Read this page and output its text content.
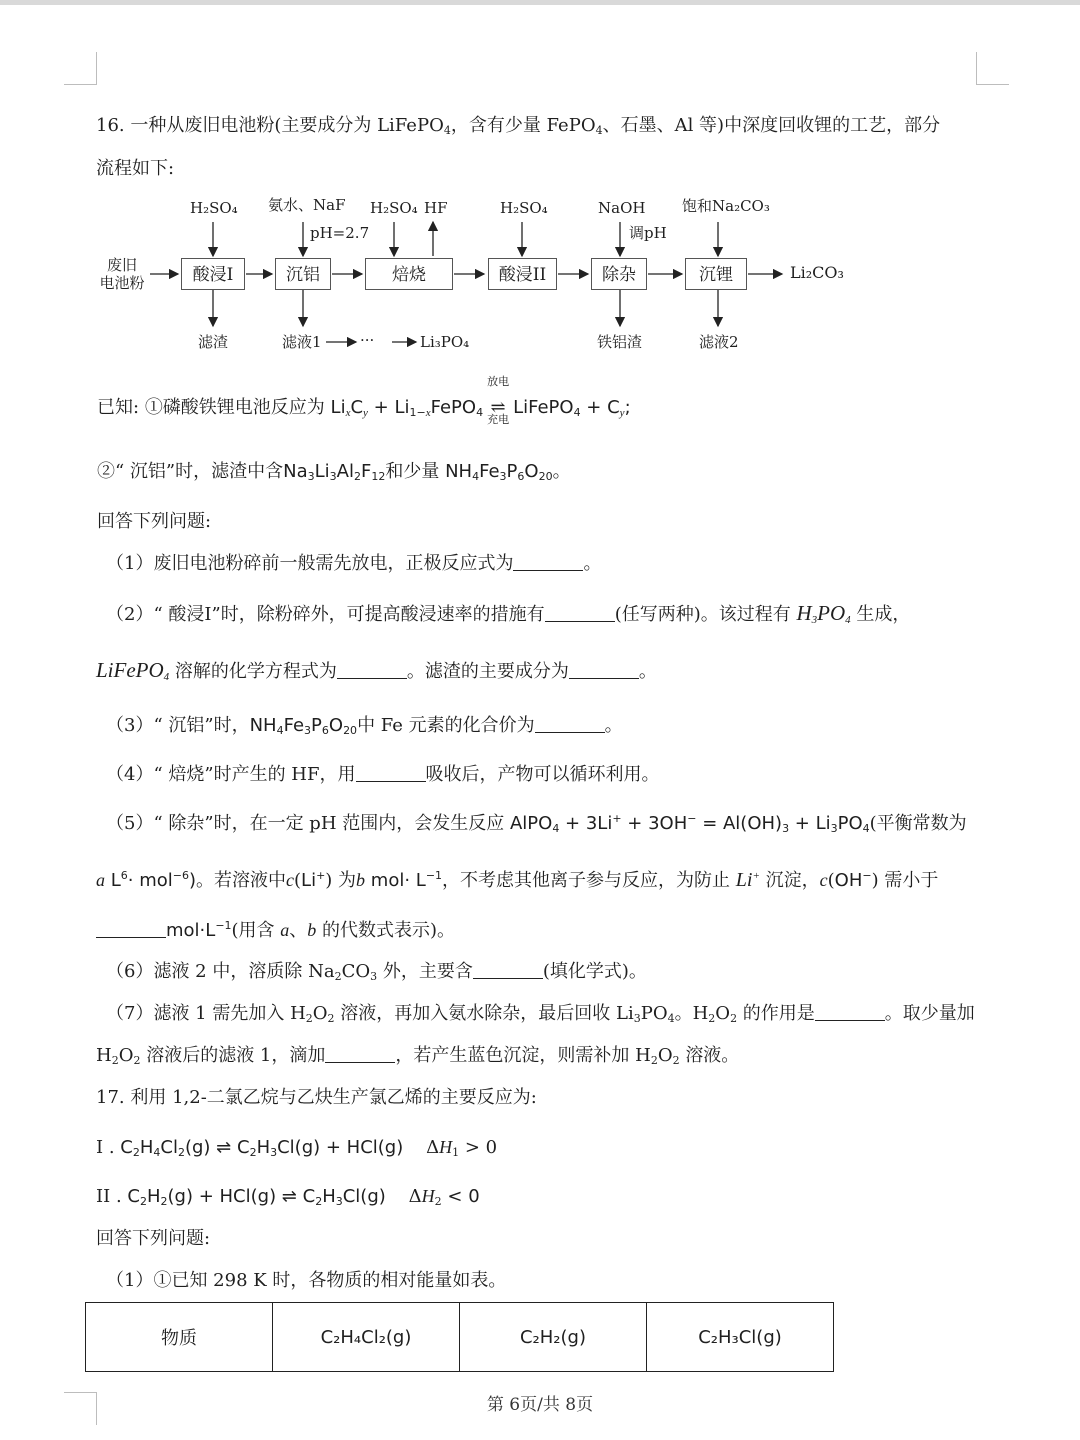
16. 一种从废旧电池粉(主要成分为 LiFePO$_4$，含有少量 FePO$_4$、石墨、Al 等)中深度回收锂的工艺，部分
流程如下:
废旧
电池粉	酸浸I	沉铝	焙烧	酸浸II	除杂	沉锂	Li₂CO₃
H₂SO₄ 氨水、NaF
pH=2.7
H₂SO₄ HF	H₂SO₄	NaOH
调pH
饱和Na₂CO₃
滤渣	滤液1	···	Li₃PO₄	铁铝渣	滤液2
已知: ①磷酸铁锂电池反应为 $Li_xC_y$ + $Li_{1-x}FePO_4$
放电
⇌
充电
LiFePO$_4$ + $C_y$;
②“ 沉铝”时，滤渣中含$Na_3Li_3Al_2F_{12}$和少量 $NH_4Fe_3P_6O_{20}$。
回答下列问题:
（1）废旧电池粉碎前一般需先放电，正极反应式为	。
（2）“ 酸浸I”时，除粉碎外，可提高酸浸速率的措施有	(任写两种)。该过程有 $H_3PO_4$ 生成，
LiFePO$_4$ 溶解的化学方程式为	。滤渣的主要成分为	。
（3）“ 沉铝”时，$NH_4Fe_3P_6O_{20}$中 Fe 元素的化合价为	。
（4）“ 焙烧”时产生的 HF，用	吸收后，产物可以循环利用。
（5）“ 除杂”时，在一定 pH 范围内，会发生反应 AlPO$_4$ + $3Li^+ + 3OH^- = Al(OH)_3 + Li_3PO_4$(平衡常数为
a $L^6\cdot mol^{-6}$)。若溶液中c(Li+) 为b $mol\cdot L^{-1}$，不考虑其他离子参与反应，为防止 Li+ 沉淀，c(OH−) 需小于
$mol\cdot L^{-1}$(用含 a、b 的代数式表示)。
（6）滤液 2 中，溶质除 $Na_2CO_3$ 外，主要含	(填化学式)。
（7）滤液 1 需先加入 $H_2O_2$ 溶液，再加入氨水除杂，最后回收 $Li_3PO_4$。$H_2O_2$ 的作用是	。取少量加
$H_2O_2$ 溶液后的滤液 1，滴加	，若产生蓝色沉淀，则需补加 $H_2O_2$ 溶液。
17. 利用 1,2-二氯乙烷与乙炔生产氯乙烯的主要反应为:
I . $C_2H_4Cl_2(g)$ ⇌ $C_2H_3Cl(g) + HCl(g)$    $\Delta H_1 > 0$
II . $C_2H_2(g) + HCl(g)$ ⇌ $C_2H_3Cl(g)$    $\Delta H_2 < 0$
回答下列问题:
（1）①已知 298 K 时，各物质的相对能量如表。
物质	C₂H₄Cl₂(g)	C₂H₂(g)	C₂H₃Cl(g)
第 6页/共 8页
